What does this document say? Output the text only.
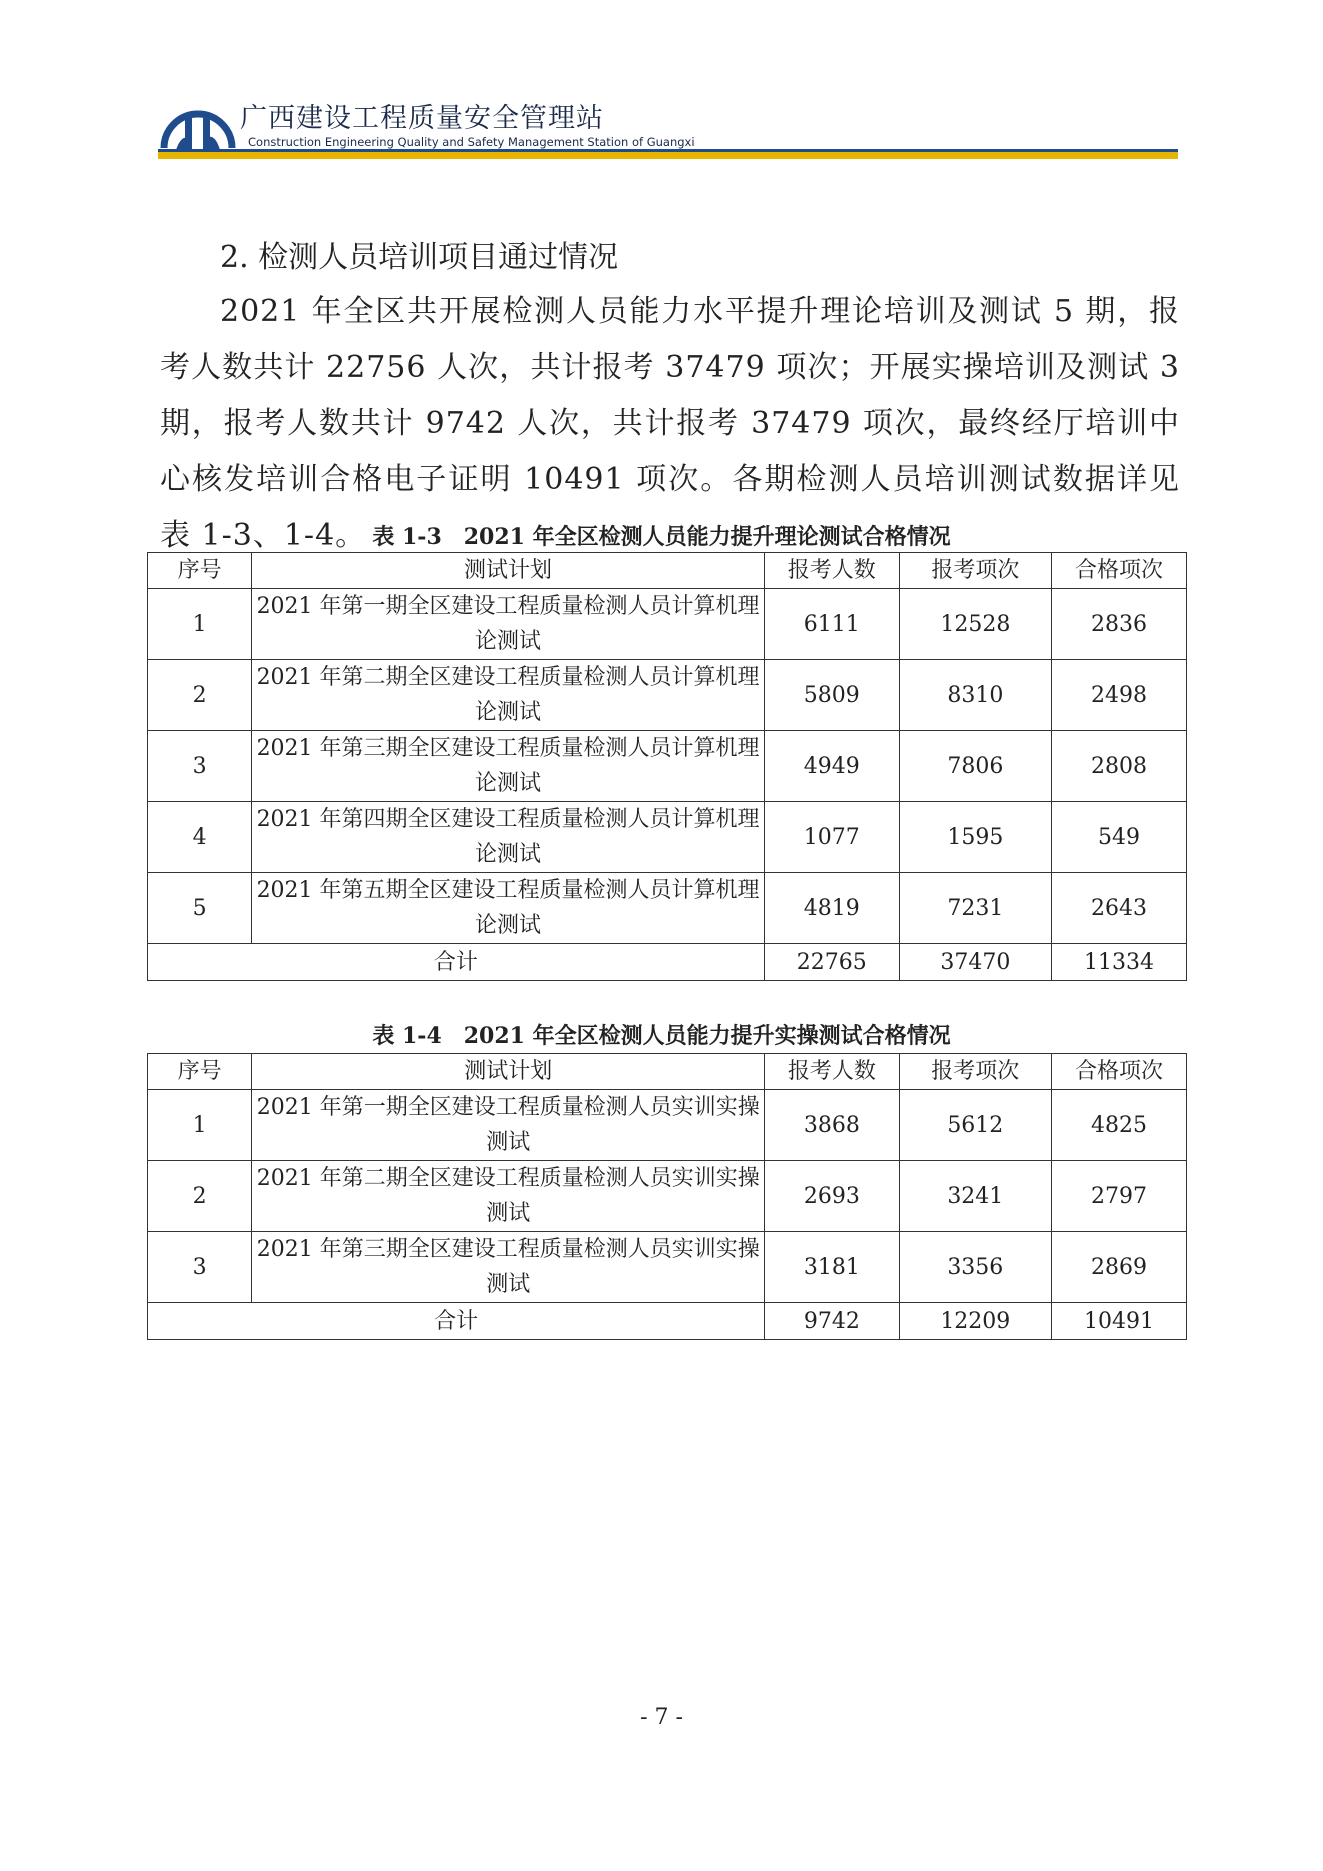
广西建设工程质量安全管理站
Construction Engineering Quality and Safety Management Station of Guangxi
2. 检测人员培训项目通过情况

2021 年全区共开展检测人员能力水平提升理论培训及测试 5 期，报考人数共计 22756 人次，共计报考 37479 项次；开展实操培训及测试 3 期，报考人数共计 9742 人次，共计报考 37479 项次，最终经厅培训中心核发培训合格电子证明 10491 项次。各期检测人员培训测试数据详见表 1-3、1-4。 表 1-3　2021 年全区检测人员能力提升理论测试合格情况
序号	测试计划	报考人数	报考项次	合格项次
1	2021 年第一期全区建设工程质量检测人员计算机理论测试	6111	12528	2836
2	2021 年第二期全区建设工程质量检测人员计算机理论测试	5809	8310	2498
3	2021 年第三期全区建设工程质量检测人员计算机理论测试	4949	7806	2808
4	2021 年第四期全区建设工程质量检测人员计算机理论测试	1077	1595	549
5	2021 年第五期全区建设工程质量检测人员计算机理论测试	4819	7231	2643
合计		22765	37470	11334
表 1-4　2021 年全区检测人员能力提升实操测试合格情况
序号	测试计划	报考人数	报考项次	合格项次
1	2021 年第一期全区建设工程质量检测人员实训实操测试	3868	5612	4825
2	2021 年第二期全区建设工程质量检测人员实训实操测试	2693	3241	2797
3	2021 年第三期全区建设工程质量检测人员实训实操测试	3181	3356	2869
合计		9742	12209	10491
- 7 -
